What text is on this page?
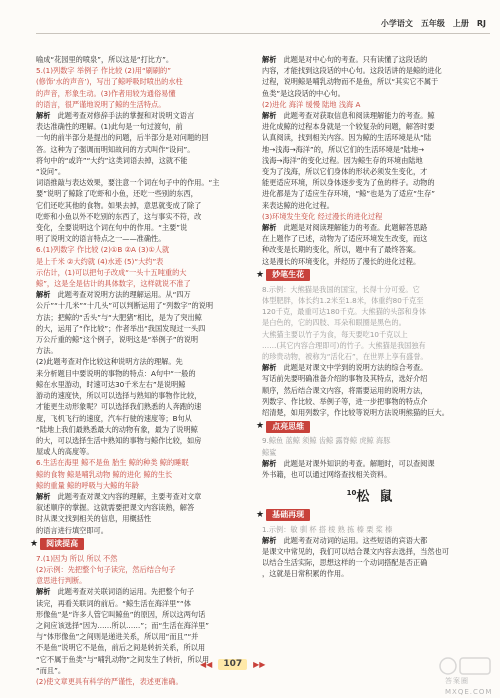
小学语文 五年级 上册 RJ
喻成“花园里的喷泉”，所以这是“打比方”。
5.(1)列数字 举例子 作比较 (2)用“刷刷的”
(修饰‘水的声音’)，写出了鲸呼吸时喷出的水柱
的声音，形象生动。(3)作者用较为通俗易懂
的语言，很严谨地说明了鲸的生活特点。
解析　此题考查对修辞手法的掌握和对说明文语言
表达准确性的理解。(1)此句是一句过渡句，前
一句的前半部分是提出的问题，后半部分是对问题的回
答。这种为了强调而明知故问的方式叫作“设问”。
将句中的“或许”“大约”这类词语去掉，这就不能
“设问”。
词语推敲与表达效果，要注意一个词在句子中的作用。“主
要”说明了鲸除了吃虾和小鱼，还吃一些别的东西，
它们还吃其他的食物。如果去掉，意思就变成了除了
吃虾和小鱼以外不吃别的东西了，这与事实不符，改
变化，全要说明这个词在句中的作用。“主要”说
明了说明文的语言特点之一——准确性。
6.(1)列数字 作比较 (2)①B ②A (3)①人就
是上千米 ②大约就 (4)水迹 (5)“大约”表
示估计，(1)可以把句子改成“一头十五吨重的大
鲸”，这是全是估计的具体数字，这样就说不准了
解析　此题考查对说明方法的理解运用。从“四万
公斤”“十几米”“十几头”可以判断运用了“列数字”的说明
方法；把鲸的“舌头”与“大肥猪”相比，是为了突出鲸
的大，运用了“作比较”；作者举出“我国发现过一头四
万公斤重的鲸”这个例子，说明这是“举例子”的说明
方法。
(2)此题考查对作比较这种说明方法的理解。先
来分析题目中要说明的事物的特点：A句中“一般的
鲸在水里游动，时速可达30千米左右”是说明鲸
游动的速度快，所以可以选择与熟知的事物作比较，
才能更生动形象呢？可以选择我们熟悉的人奔跑的速
度，飞机飞行的速度，汽车行驶的速度等；B句从
“陆地上我们最熟悉最大的动物有象，最为了说明鲸
的大，可以选择生活中熟知的事物与鲸作比较，如房
屋或人的高度等。
6.生活在海里 鲸不是鱼 胎生 鲸的种类 鲸的睡眠
鲸的食物 鲸是哺乳动物 鲸的进化 鲸的生长
鲸的重量 鲸的呼吸与大鲸的年龄
解析　此题考查对课文内容的理解，主要考查对文章
叙述顺序的掌握。这就需要把课文内容读熟，解答
时从课文找到相关的信息，用概括性
的语言进行填空即可。
★	阅读提高
7.(1)因为 所以 所以 不然
(2)示例：先把整个句子读完，然后结合句子
意思进行判断。
解析　此题考查对关联词语的运用。先把整个句子
读完，再看关联词的前后。“鲸生活在海洋里”“体
形像鱼”是“许多人管它叫鲸鱼”的原因，所以这两句话
之间应该选择“因为……所以……”；而“生活在海洋里”
与“体形像鱼”之间则是递进关系，所以用“而且”“并
不是鱼”说明它不是鱼，前后之间是转折关系，所以用
“它不属于鱼类”与“哺乳动物”之间发生了转折，所以用
“而且”。
(2)使文章更具有科学的严谨性，表述更准确。
解析　此题是对中心句的考查。只有读懂了这段话的
内容，才能找到这段话的中心句。这段话讲的是鲸的进化
过程，说明鲸是哺乳动物而不是鱼，所以“其实它不属于
鱼类”是这段话的中心句。
(2)进化 海洋 缓慢 陆地 浅海 A
解析　此题考查对获取信息和阅读理解能力的考查。鲸
进化成鲸的过程本身就是一个较复杂的问题，解答时要
认真阅读，找到相关内容。因为鲸的生活环境是从“陆
地→浅海→海洋”的，所以它们的生活环境是“陆地→
浅海→海洋”的变化过程。因为鲸生存的环境由陆地
变为了浅海，所以它们身体的形状必须发生变化，才
能更适应环境，所以身体逐步变为了鱼的样子。动物的
进化都是为了适应生存环境，“鲸”也是为了适应“生存”
来表达鲸的进化过程。
(3)环境发生变化 经过漫长的进化过程
解析　此题是对阅读理解能力的考查。此题解答思路
在上题作了已述，动物为了适应环境发生改变，而这
种改变是长期的变化，所以，题中有了最终答案。
这是漫长的环境变化，并经历了漫长的进化过程。
★	妙笔生花
8.示例：大熊猫是我国的国宝，长得十分可爱。它
体型肥胖，体长约1.2米至1.8米，体重约80千克至
120千克，最重可达180千克。大熊猫的头部和身体
是白色的，它的四肢、耳朵和眼圈是黑色的。
大熊猫主要以竹子为食，每天要吃10千克以上
……(其它内容合理即可)的竹子。大熊猫是我国独有
的珍贵动物，被称为“活化石”，在世界上享有盛誉。
解析　此题是对课文中学到的说明方法的综合考查。
写话前先要明确准备介绍的事物及其特点，选好介绍
顺序，然后结合课文内容，将需要运用的说明方法，
列数字、作比较、举例子等，进一步把事物的特点介
绍清楚，如用列数字，作比较等说明方法说明熊猫的巨大。
★	点亮思维
9.鲸鱼 蓝鲸 须鲸 齿鲸 露脊鲸 虎鲸 海豚
鲸鲨
解析　此题是对课外知识的考查。解题时，可以查阅课
外书籍，也可以通过网络查找相关资料。
$^{10}$松鼠
★	基础再现
1.示例：敏 驯 杯 搭 棱 熟 拣 榛 栗 桨 榛
解析　此题考查对动词的运用。这些短语的宾语大都
是课文中常见的，我们可以结合课文内容去选择，当然也可
以结合生活实际，思想这样的一个动词搭配是否正确
，这就是日常积累的作用。
◀◀	107	▶▶
答案圈 MXQE.COM
